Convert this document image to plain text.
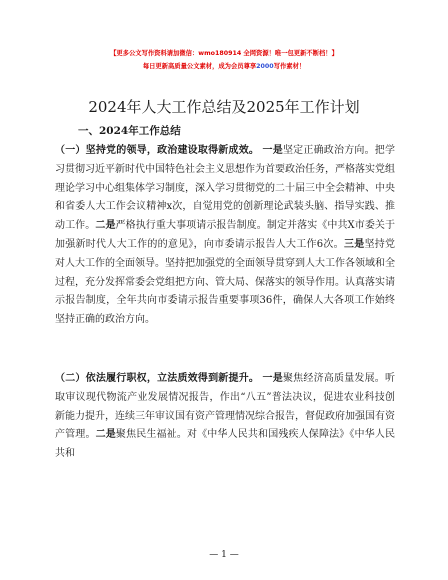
【更多公文写作资料请加微信：wmo180914 全网资源！唯一包更新不断档！】
每日更新高质量公文素材，成为会员尊享2000写作素材！
2024年人大工作总结及2025年工作计划
一、2024年工作总结
（一）坚持党的领导，政治建设取得新成效。 一是坚定正确政治方向。把学习贯彻习近平新时代中国特色社会主义思想作为首要政治任务，严格落实党组理论学习中心组集体学习制度，深入学习贯彻党的二十届三中全会精神、中央和省委人大工作会议精神x次，自觉用党的创新理论武装头脑、指导实践、推动工作。二是严格执行重大事项请示报告制度。制定并落实《中共X市委关于加强新时代人大工作的的意见》，向市委请示报告人大工作6次。三是坚持党对人大工作的全面领导。坚持把加强党的全面领导贯穿到人大工作各领域和全过程，充分发挥常委会党组把方向、管大局、保落实的领导作用。认真落实请示报告制度，全年共向市委请示报告重要事项36件，确保人大各项工作始终坚持正确的政治方向。
（二）依法履行职权，立法质效得到新提升。 一是聚焦经济高质量发展。听取审议现代物流产业发展情况报告，作出“八五”普法决议，促进农业科技创新能力提升，连续三年审议国有资产管理情况综合报告，督促政府加强国有资产管理。二是聚焦民生福祉。对《中华人民共和国残疾人保障法》《中华人民共和
— 1 —
